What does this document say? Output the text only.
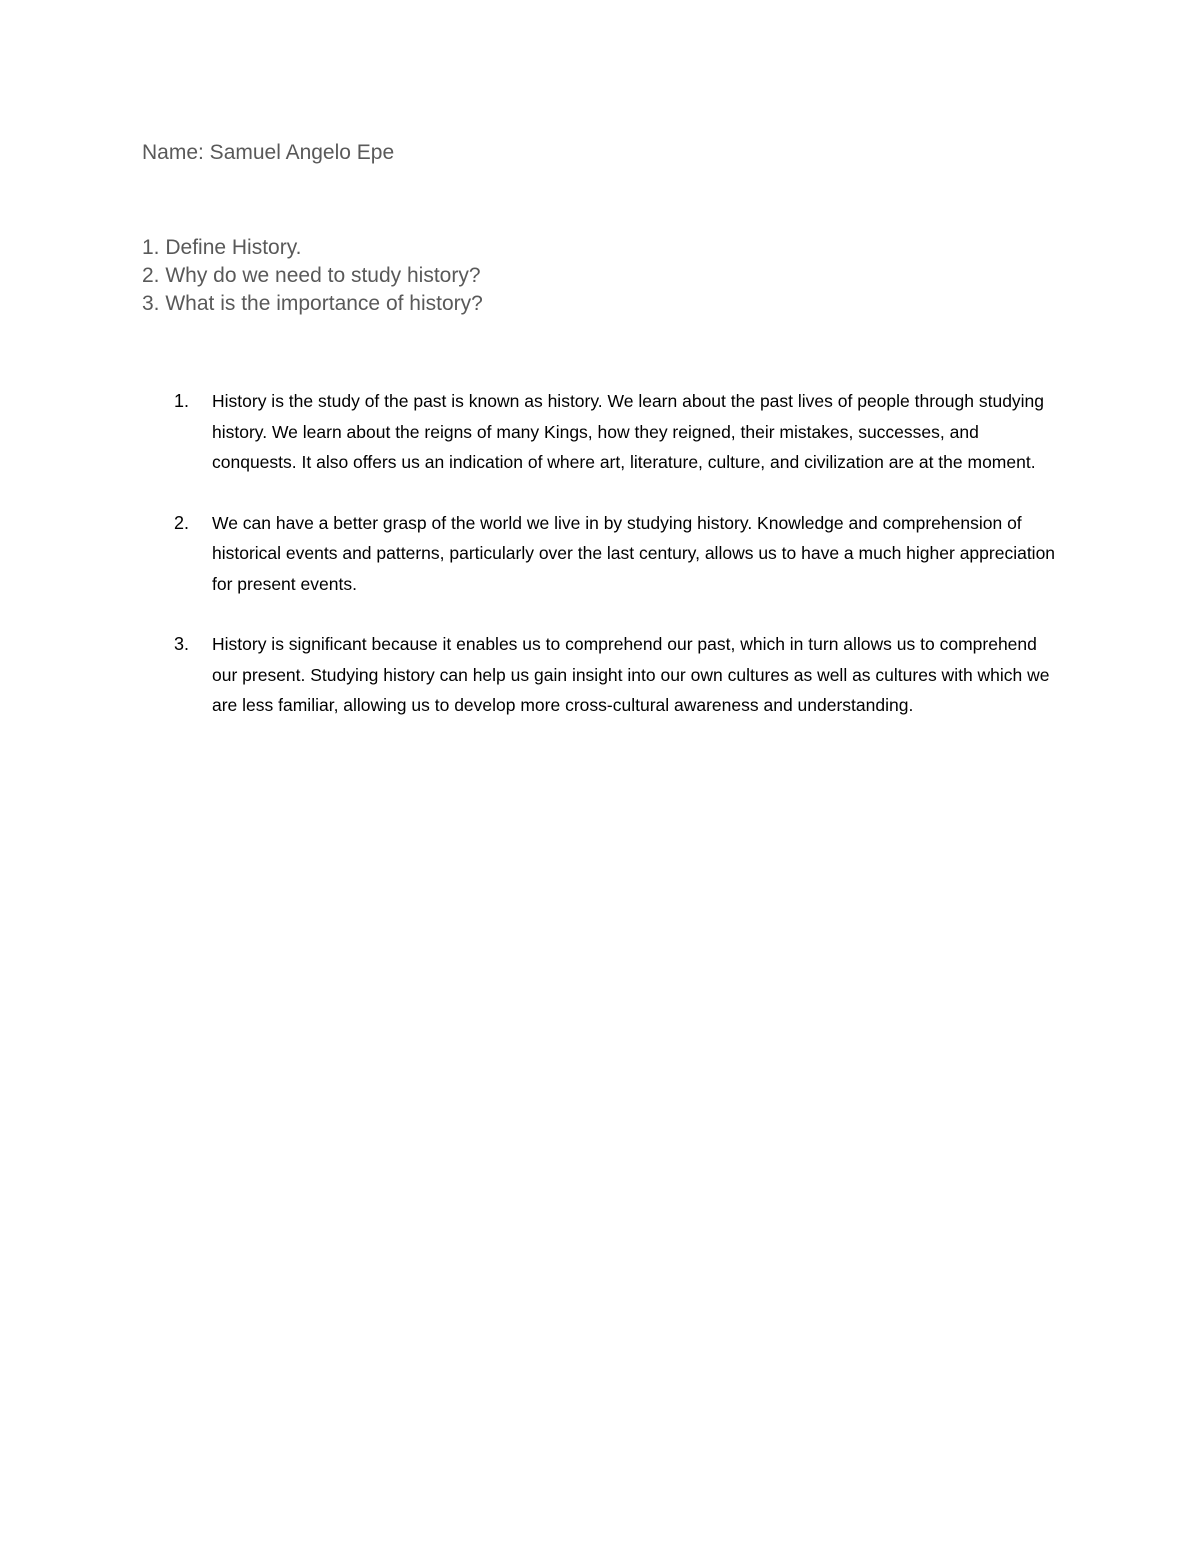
Name: Samuel Angelo Epe
1. Define History.
2. Why do we need to study history?
3. What is the importance of history?
1. History is the study of the past is known as history. We learn about the past lives of people through studying history. We learn about the reigns of many Kings, how they reigned, their mistakes, successes, and conquests. It also offers us an indication of where art, literature, culture, and civilization are at the moment.
2. We can have a better grasp of the world we live in by studying history. Knowledge and comprehension of historical events and patterns, particularly over the last century, allows us to have a much higher appreciation for present events.
3. History is significant because it enables us to comprehend our past, which in turn allows us to comprehend our present. Studying history can help us gain insight into our own cultures as well as cultures with which we are less familiar, allowing us to develop more cross-cultural awareness and understanding.
